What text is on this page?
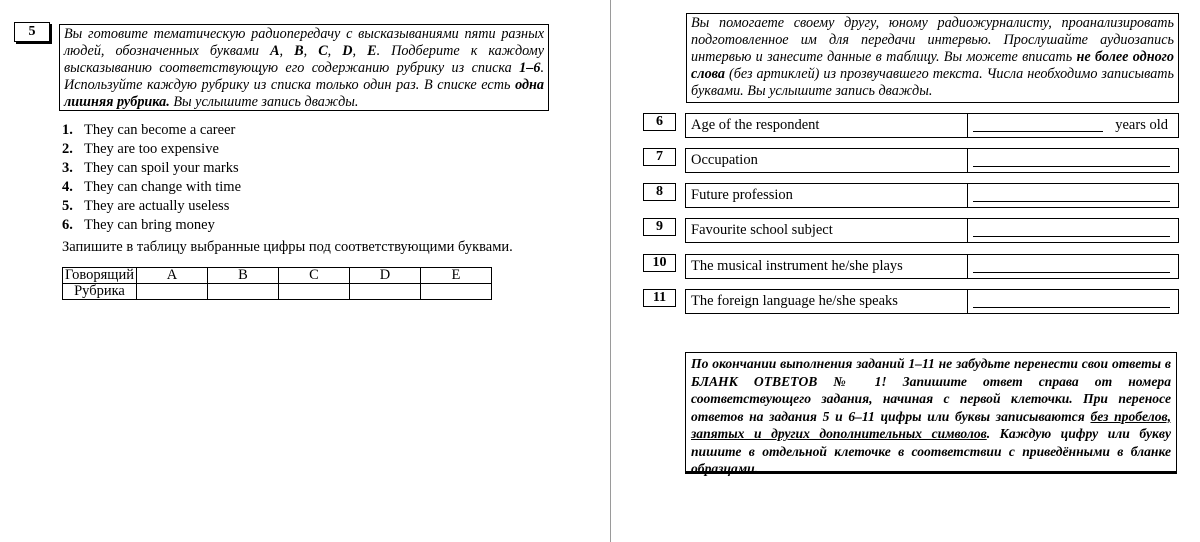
5	Вы готовите тематическую радиопередачу с высказываниями пяти разных людей, обозначенных буквами A, B, C, D, E. Подберите к каждому высказыванию соответствующую его содержанию рубрику из списка 1–6. Используйте каждую рубрику из списка только один раз. В списке есть одна лишняя рубрика. Вы услышите запись дважды.
1. They can become a career
2. They are too expensive
3. They can spoil your marks
4. They can change with time
5. They are actually useless
6. They can bring money
Запишите в таблицу выбранные цифры под соответствующими буквами.
Говорящий	A	B	C	D	E
Рубрика					
Вы помогаете своему другу, юному радиожурналисту, проанализировать подготовленное им для передачи интервью. Прослушайте аудиозапись интервью и занесите данные в таблицу. Вы можете вписать не более одного слова (без артиклей) из прозвучавшего текста. Числа необходимо записывать буквами. Вы услышите запись дважды.
6	Age of the respondent	years old
7	Occupation
8	Future profession
9	Favourite school subject
10	The musical instrument he/she plays
11	The foreign language he/she speaks
По окончании выполнения заданий 1–11 не забудьте перенести свои ответы в БЛАНК ОТВЕТОВ № 1! Запишите ответ справа от номера соответствующего задания, начиная с первой клеточки. При переносе ответов на задания 5 и 6–11 цифры или буквы записываются без пробелов, запятых и других дополнительных символов. Каждую цифру или букву пишите в отдельной клеточке в соответствии с приведёнными в бланке образцами.
